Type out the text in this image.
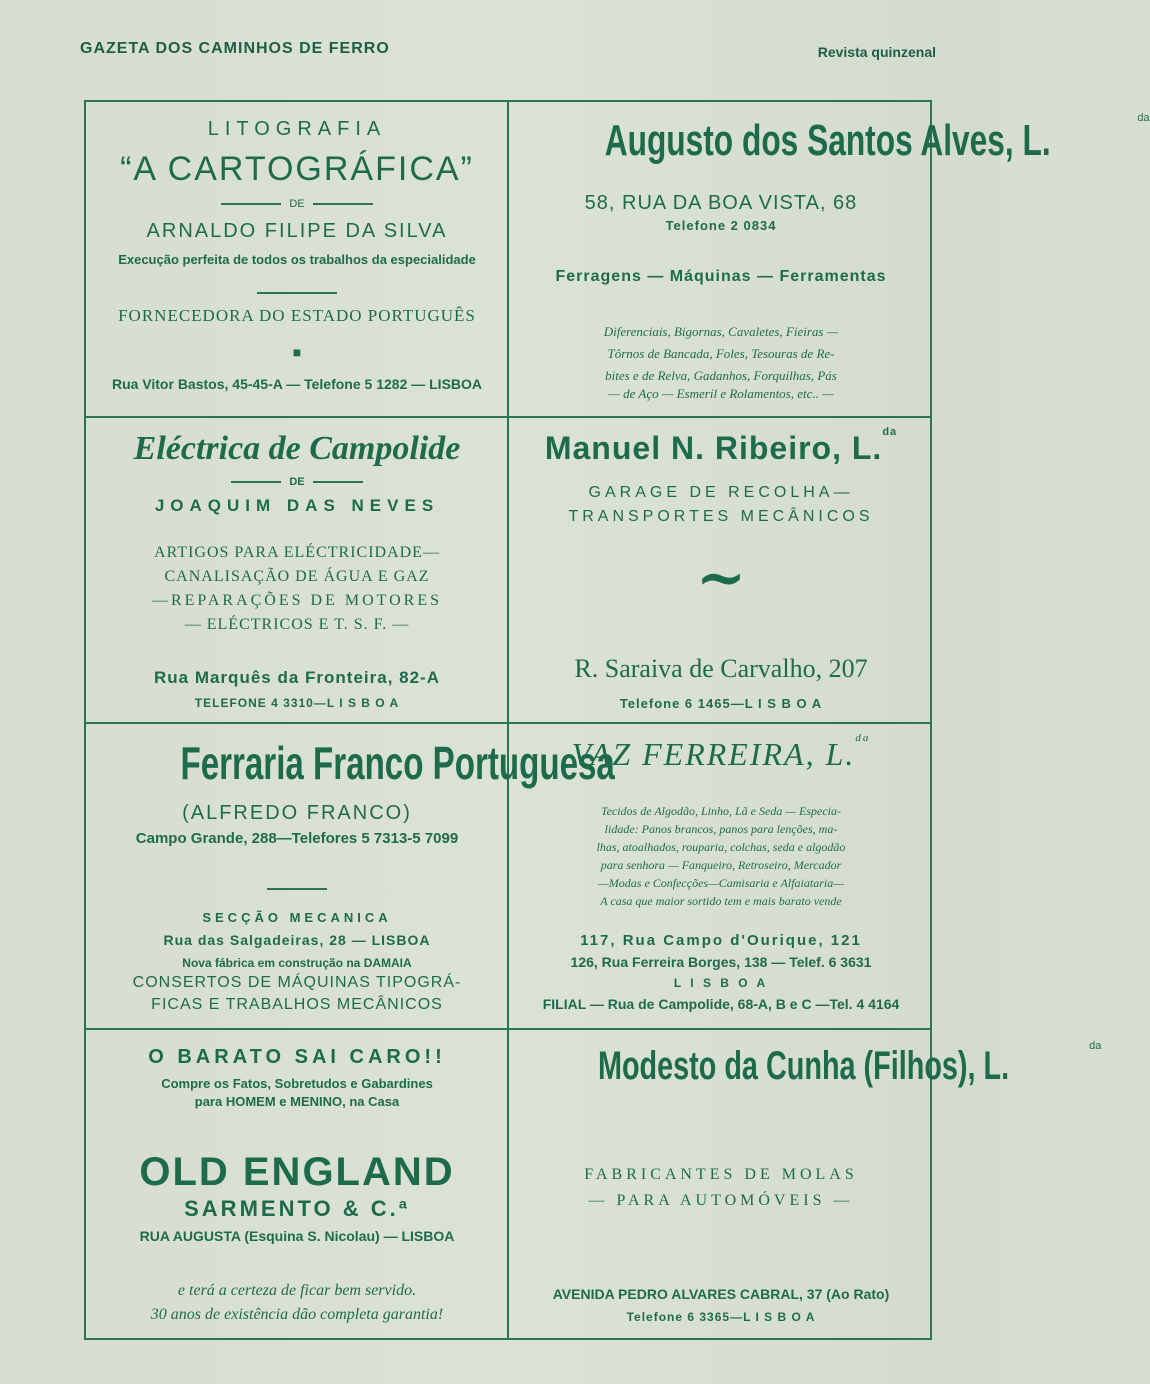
GAZETA DOS CAMINHOS DE FERRO	Revista quinzenal
LITOGRAFIA
“A CARTOGRÁFICA”
DE
ARNALDO FILIPE DA SILVA
Execução perfeita de todos os trabalhos da especialidade
FORNECEDORA DO ESTADO PORTUGUÊS
■
Rua Vitor Bastos, 45-45-A — Telefone 5 1282 — LISBOA
Augusto dos Santos Alves, L.	$^{da}$
58, RUA DA BOA VISTA, 68
Telefone 2 0834
Ferragens — Máquinas — Ferramentas
Diferenciais, Bigornas, Cavaletes, Fieiras —
Tôrnos de Bancada, Foles, Tesouras de Re-
bites e de Relva, Gadanhos, Forquilhas, Pás
— de Aço — Esmeril e Rolamentos, etc.. —
Eléctrica de Campolide
DE
JOAQUIM DAS NEVES
ARTIGOS PARA ELÉCTRICIDADE—
CANALISAÇÃO DE ÁGUA E GAZ
—REPARAÇÕES DE MOTORES
— ELÉCTRICOS E T. S. F. —
Rua Marquês da Fronteira, 82-A
TELEFONE 4 3310—L I S B O A
Manuel N. Ribeiro, L.$^{da}$
GARAGE DE RECOLHA—
TRANSPORTES MECÂNICOS
~
R. Saraiva de Carvalho, 207
Telefone 6 1465—L I S B O A
Ferraria Franco Portuguesa
(ALFREDO FRANCO)
Campo Grande, 288—Telefores 5 7313-5 7099
SECÇÃO MECANICA
Rua das Salgadeiras, 28 — LISBOA
Nova fábrica em construção na DAMAIA
CONSERTOS DE MÁQUINAS TIPOGRÁ-
FICAS E TRABALHOS MECÂNICOS
VAZ FERREIRA, L.$^{da}$
Tecidos de Algodão, Linho, Lã e Seda — Especia-
lidade: Panos brancos, panos para lenções, ma-
lhas, atoalhados, rouparia, colchas, seda e algodão
para senhora — Fanqueiro, Retroseiro, Mercador
—Modas e Confecções—Camisaria e Alfaiataria—
A casa que maior sortido tem e mais barato vende
117, Rua Campo d'Ourique, 121
126, Rua Ferreira Borges, 138 — Telef. 6 3631
L I S B O A
FILIAL — Rua de Campolide, 68-A, B e C —Tel. 4 4164
O BARATO SAI CARO!!
Compre os Fatos, Sobretudos e Gabardines
para HOMEM e MENINO, na Casa
OLD ENGLAND
SARMENTO & C.ª
RUA AUGUSTA (Esquina S. Nicolau) — LISBOA
e terá a certeza de ficar bem servido.
30 anos de existência dão completa garantia!
Modesto da Cunha (Filhos), L.	$^{da}$
FABRICANTES DE MOLAS
— PARA AUTOMÓVEIS —
AVENIDA PEDRO ALVARES CABRAL, 37 (Ao Rato)
Telefone 6 3365—L I S B O A
